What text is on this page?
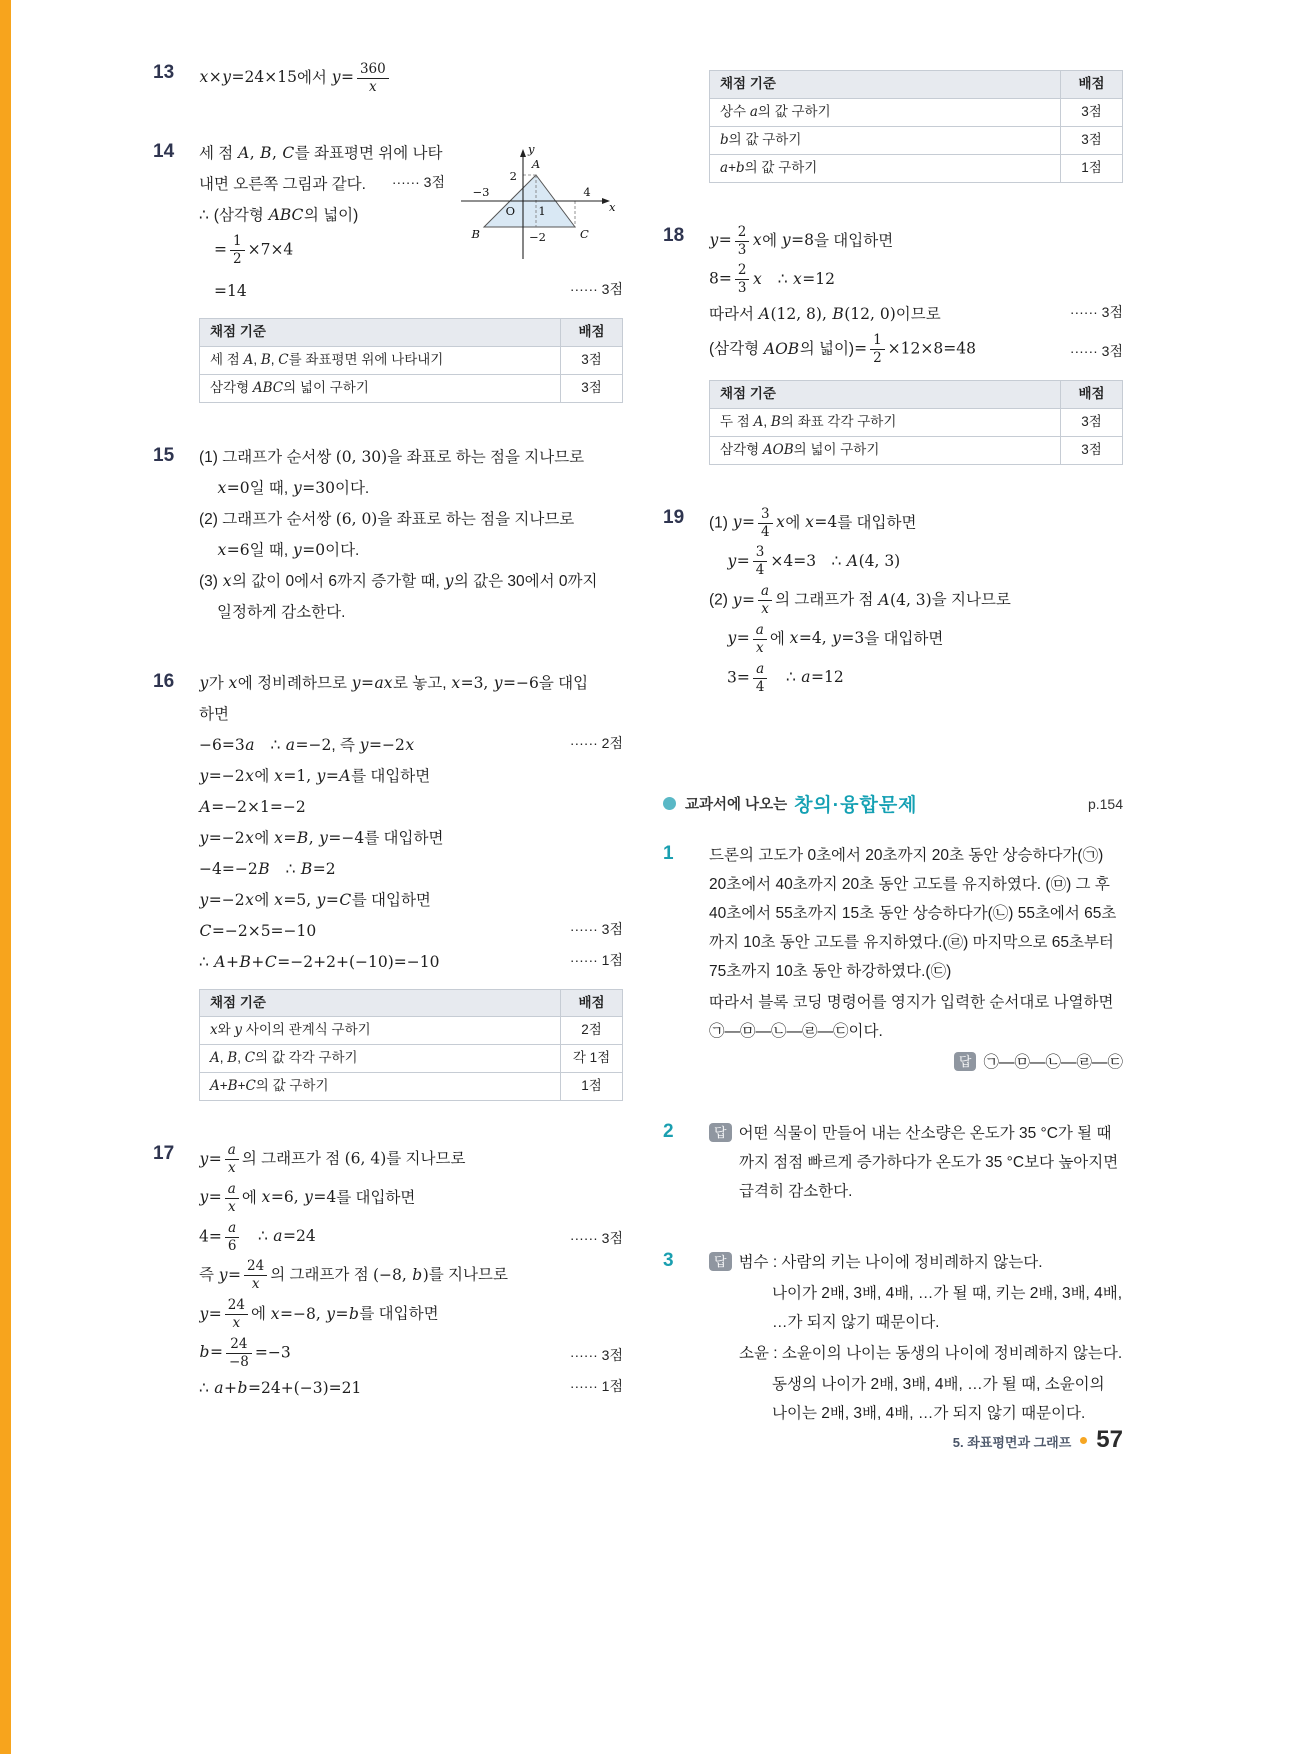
13	x×y=24×15에서 $y= \frac{360}{x}$
14	세 점 A, B, C를 좌표평면 위에 나타
내면 오른쪽 그림과 같다. ······ 3점
∴ (삼각형 ABC의 넓이)
= $\frac{1}{2} \times 7\times 4$
y
x
A
2
−3
O 1
4
−2
B	C
=14	······ 3점
채점 기준	배점
세 점 A, B, C를 좌표평면 위에 나타내기	3점
삼각형 ABC의 넓이 구하기	3점
15	(1) 그래프가 순서쌍 (0, 30)을 좌표로 하는 점을 지나므로
x=0일 때, y=30이다.
(2) 그래프가 순서쌍 (6, 0)을 좌표로 하는 점을 지나므로
x=6일 때, y=0이다.
(3) x의 값이 0에서 6까지 증가할 때, y의 값은 30에서 0까지
일정하게 감소한다.
16	y가 x에 정비례하므로 y=ax로 놓고, x=3, y=−6을 대입
하면
−6=3a ∴ a=−2, 즉 y=−2x	······ 2점
y=−2x에 x=1, y=A를 대입하면
A=−2×1=−2
y=−2x에 x=B, y=−4를 대입하면
−4=−2B ∴ B=2
y=−2x에 x=5, y=C를 대입하면
C=−2×5=−10	······ 3점
∴ A+B+C=−2+2+(−10)=−10	······ 1점
채점 기준	배점
x와 y 사이의 관계식 구하기	2점
A, B, C의 값 각각 구하기	각 1점
A+B+C의 값 구하기	1점
17	$y= \frac{a}{x}$ 의 그래프가 점 (6, 4)를 지나므로
$y= \frac{a}{x}$ 에 x=6, y=4를 대입하면
$4= \frac{a}{6}$  ∴ a=24	······ 3점
즉 $y= \frac{24}{x}$ 의 그래프가 점 (−8, b)를 지나므로
$y= \frac{24}{x}$ 에 x=−8, y=b를 대입하면
$b= \frac{24}{-8} =-3$	······ 3점
∴ a+b=24+(−3)=21	······ 1점
채점 기준	배점
상수 a의 값 구하기	3점
b의 값 구하기	3점
a+b의 값 구하기	1점
18	$y= \frac{2}{3}$ x에 y=8을 대입하면
$8= \frac{2}{3}$ x ∴ x=12
따라서 A(12, 8), B(12, 0)이므로	······ 3점
(삼각형 AOB의 넓이)= $\frac{1}{2} \times 12\times 8=48$	······ 3점
채점 기준	배점
두 점 A, B의 좌표 각각 구하기	3점
삼각형 AOB의 넓이 구하기	3점
19	(1) $y= \frac{3}{4}$ x에 x=4를 대입하면
$y= \frac{3}{4} \times 4=3$ ∴ A(4, 3)
(2) $y= \frac{a}{x}$ 의 그래프가 점 A(4, 3)을 지나므로
$y= \frac{a}{x}$ 에 x=4, y=3을 대입하면
$3= \frac{a}{4}$  ∴ a=12
교과서에 나오는 창의·융합문제	p.154
1	드론의 고도가 0초에서 20초까지 20초 동안 상승하다가(㉠) 20초에서 40초까지 20초 동안 고도를 유지하였다. (㉤) 그 후 40초에서 55초까지 15초 동안 상승하다가(㉡) 55초에서 65초까지 10초 동안 고도를 유지하였다.(㉣) 마지막으로 65초부터 75초까지 10초 동안 하강하였다.(㉢)
따라서 블록 코딩 명령어를 영지가 입력한 순서대로 나열하면 ㉠—㉤—㉡—㉣—㉢이다.
답 ㉠—㉤—㉡—㉣—㉢
2	답 어떤 식물이 만들어 내는 산소량은 온도가 35 °C가 될 때까지 점점 빠르게 증가하다가 온도가 35 °C보다 높아지면 급격히 감소한다.
3	답 범수 : 사람의 키는 나이에 정비례하지 않는다.
나이가 2배, 3배, 4배, …가 될 때, 키는 2배, 3배, 4배, …가 되지 않기 때문이다.
소윤 : 소윤이의 나이는 동생의 나이에 정비례하지 않는다.
동생의 나이가 2배, 3배, 4배, …가 될 때, 소윤이의 나이는 2배, 3배, 4배, …가 되지 않기 때문이다.
5. 좌표평면과 그래프 57
